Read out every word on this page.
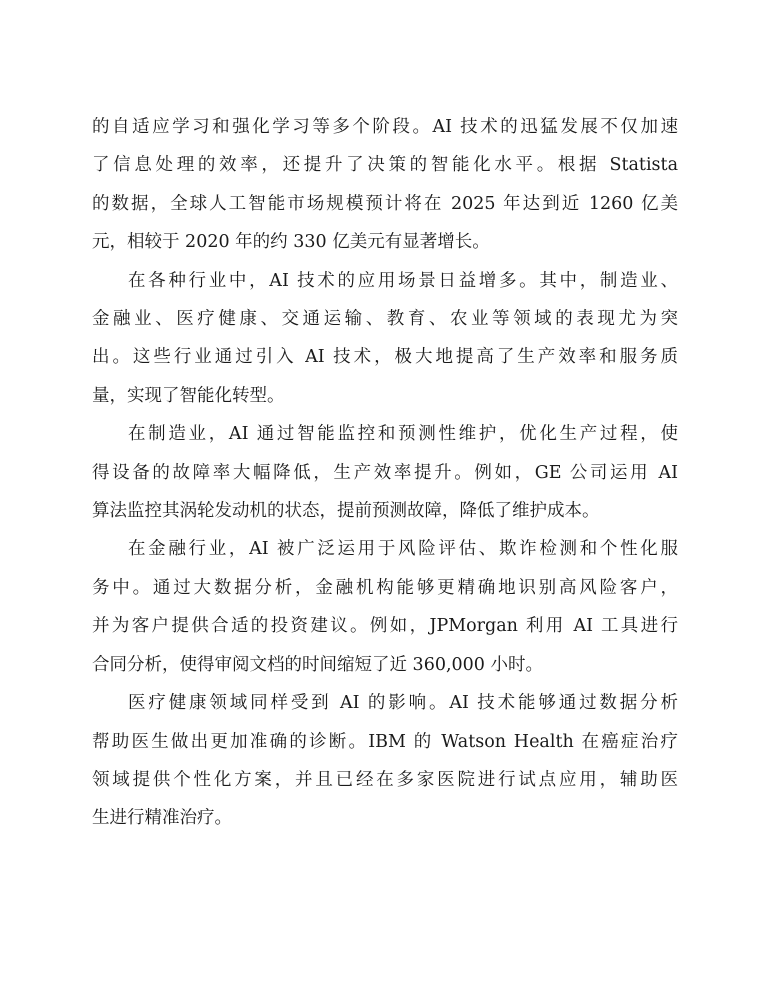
的自适应学习和强化学习等多个阶段。AI 技术的迅猛发展不仅加速
了信息处理的效率，还提升了决策的智能化水平。根据 Statista
的数据，全球人工智能市场规模预计将在 2025 年达到近 1260 亿美
元，相较于 2020 年的约 330 亿美元有显著增长。

在各种行业中，AI 技术的应用场景日益增多。其中，制造业、
金融业、医疗健康、交通运输、教育、农业等领域的表现尤为突
出。这些行业通过引入 AI 技术，极大地提高了生产效率和服务质
量，实现了智能化转型。

在制造业，AI 通过智能监控和预测性维护，优化生产过程，使
得设备的故障率大幅降低，生产效率提升。例如，GE 公司运用 AI
算法监控其涡轮发动机的状态，提前预测故障，降低了维护成本。

在金融行业，AI 被广泛运用于风险评估、欺诈检测和个性化服
务中。通过大数据分析，金融机构能够更精确地识别高风险客户，
并为客户提供合适的投资建议。例如，JPMorgan 利用 AI 工具进行
合同分析，使得审阅文档的时间缩短了近 360,000 小时。

医疗健康领域同样受到 AI 的影响。AI 技术能够通过数据分析
帮助医生做出更加准确的诊断。IBM 的 Watson Health 在癌症治疗
领域提供个性化方案，并且已经在多家医院进行试点应用，辅助医
生进行精准治疗。
